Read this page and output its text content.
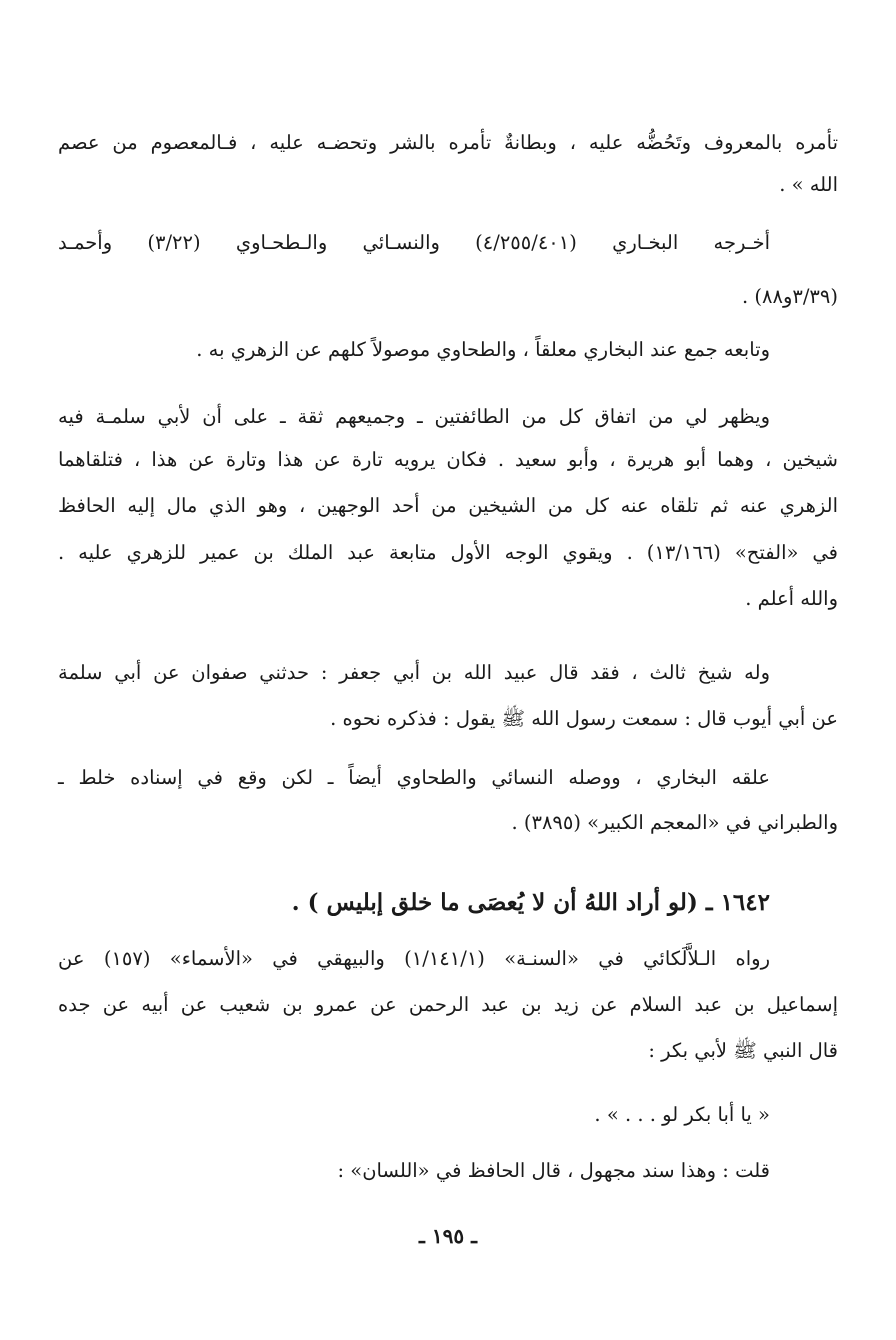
تأمره بالمعروف وتَحُضُّه عليه ، وبطانةٌ تأمره بالشر وتحضـه عليه ، فـالمعصوم من عصم
الله » .
أخـرجه البخـاري (٤/٢٥٥/٤٠١) والنسـائي والـطحـاوي (٣/٢٢) وأحمـد
(٣/٣٩و٨٨) .
وتابعه جمع عند البخاري معلقاً ، والطحاوي موصولاً كلهم عن الزهري به .
ويظهر لي من اتفاق كل من الطائفتين ـ وجميعهم ثقة ـ على أن لأبي سلمـة فيه
شيخين ، وهما أبو هريرة ، وأبو سعيد . فكان يرويه تارة عن هذا وتارة عن هذا ، فتلقاهما
الزهري عنه ثم تلقاه عنه كل من الشيخين من أحد الوجهين ، وهو الذي مال إليه الحافظ
في «الفتح» (١٣/١٦٦) . ويقوي الوجه الأول متابعة عبد الملك بن عمير للزهري عليه .
والله أعلم .
وله شيخ ثالث ، فقد قال عبيد الله بن أبي جعفر : حدثني صفوان عن أبي سلمة
عن أبي أيوب قال : سمعت رسول الله ﷺ يقول : فذكره نحوه .
علقه البخاري ، ووصله النسائي والطحاوي أيضاً ـ لكن وقع في إسناده خلط ـ
والطبراني في «المعجم الكبير» (٣٨٩٥) .
١٦٤٢ ـ (لو أراد اللهُ أن لا يُعصَى ما خلق إبليس ) .
رواه الـلاَّلَكائي في «السنـة» (١/١٤١/١) والبيهقي في «الأسماء» (١٥٧) عن
إسماعيل بن عبد السلام عن زيد بن عبد الرحمن عن عمرو بن شعيب عن أبيه عن جده
قال النبي ﷺ لأبي بكر :
« يا أبا بكر لو . . . » .
قلت : وهذا سند مجهول ، قال الحافظ في «اللسان» :
ـ ١٩٥ ـ
